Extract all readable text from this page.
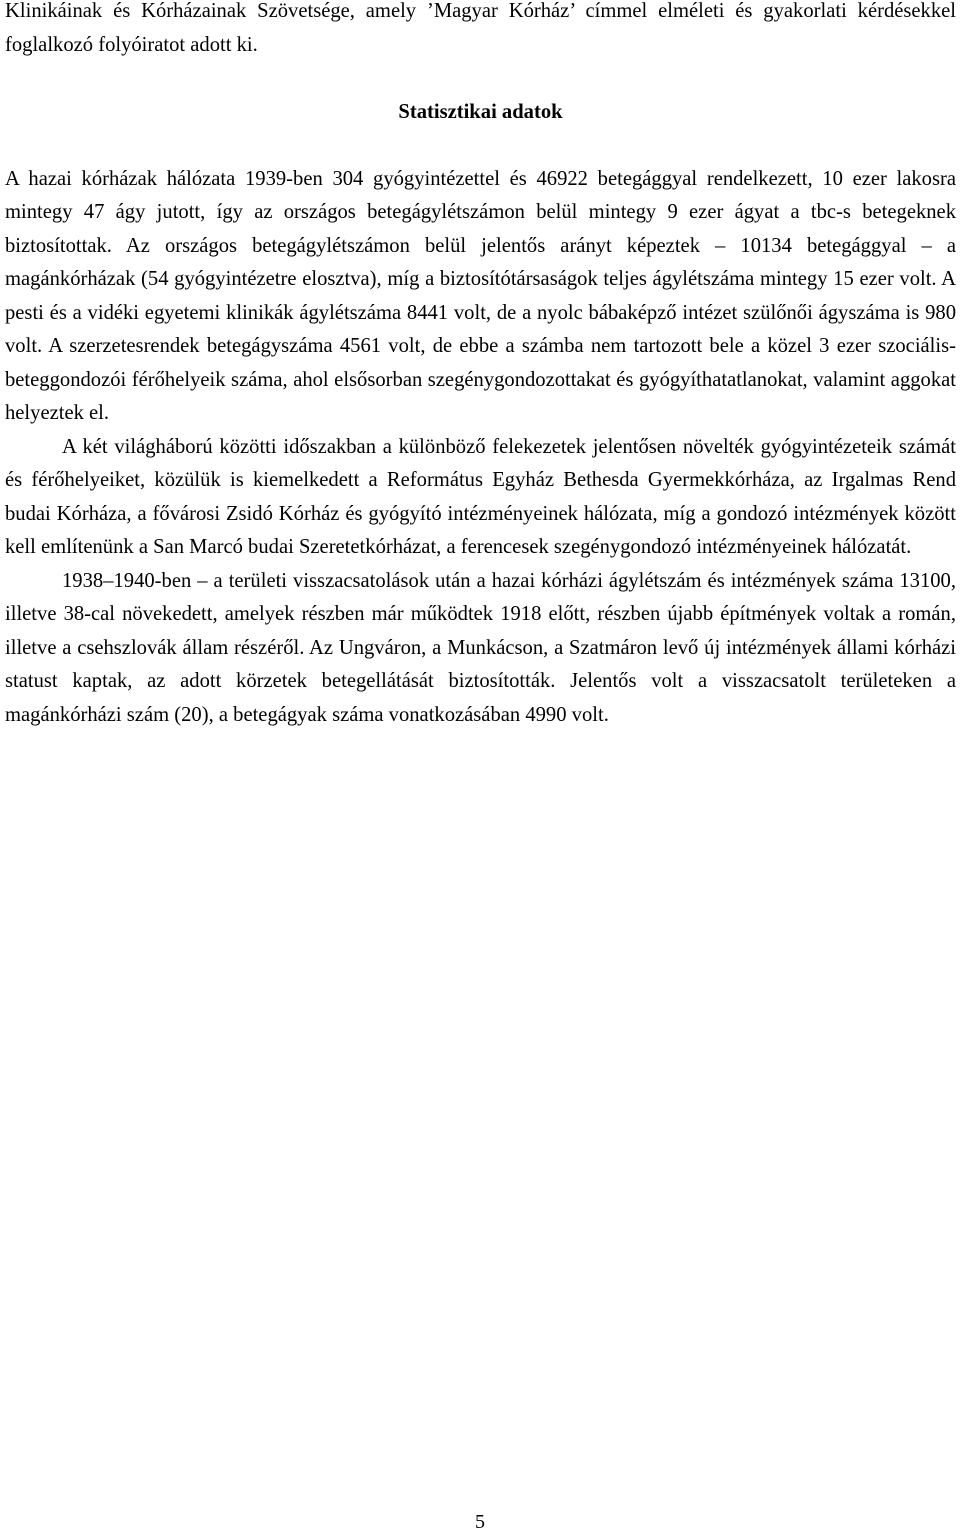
Klinikáinak és Kórházainak Szövetsége, amely ’Magyar Kórház’ címmel elméleti és gyakorlati kérdésekkel foglalkozó folyóiratot adott ki.

Statisztikai adatok

A hazai kórházak hálózata 1939-ben 304 gyógyintézettel és 46922 betegággyal rendelkezett, 10 ezer lakosra mintegy 47 ágy jutott, így az országos betegágylétszámon belül mintegy 9 ezer ágyat a tbc-s betegeknek biztosítottak. Az országos betegágylétszámon belül jelentős arányt képeztek – 10134 betegággyal – a magánkórházak (54 gyógyintézetre elosztva), míg a biztosítótársaságok teljes ágylétszáma mintegy 15 ezer volt. A pesti és a vidéki egyetemi klinikák ágylétszáma 8441 volt, de a nyolc bábaképző intézet szülőnői ágyszáma is 980 volt. A szerzetesrendek betegágyszáma 4561 volt, de ebbe a számba nem tartozott bele a közel 3 ezer szociális-beteggondozói férőhelyeik száma, ahol elsősorban szegénygondozottakat és gyógyíthatatlanokat, valamint aggokat helyeztek el.

A két világháború közötti időszakban a különböző felekezetek jelentősen növelték gyógyintézeteik számát és férőhelyeiket, közülük is kiemelkedett a Református Egyház Bethesda Gyermekkórháza, az Irgalmas Rend budai Kórháza, a fővárosi Zsidó Kórház és gyógyító intézményeinek hálózata, míg a gondozó intézmények között kell említenünk a San Marcó budai Szeretetkórházat, a ferencesek szegénygondozó intézményeinek hálózatát.

1938–1940-ben – a területi visszacsatolások után a hazai kórházi ágylétszám és intézmények száma 13100, illetve 38-cal növekedett, amelyek részben már működtek 1918 előtt, részben újabb építmények voltak a román, illetve a csehszlovák állam részéről. Az Ungváron, a Munkácson, a Szatmáron levő új intézmények állami kórházi statust kaptak, az adott körzetek betegellátását biztosították. Jelentős volt a visszacsatolt területeken a magánkórházi szám (20), a betegágyak száma vonatkozásában 4990 volt.

5
